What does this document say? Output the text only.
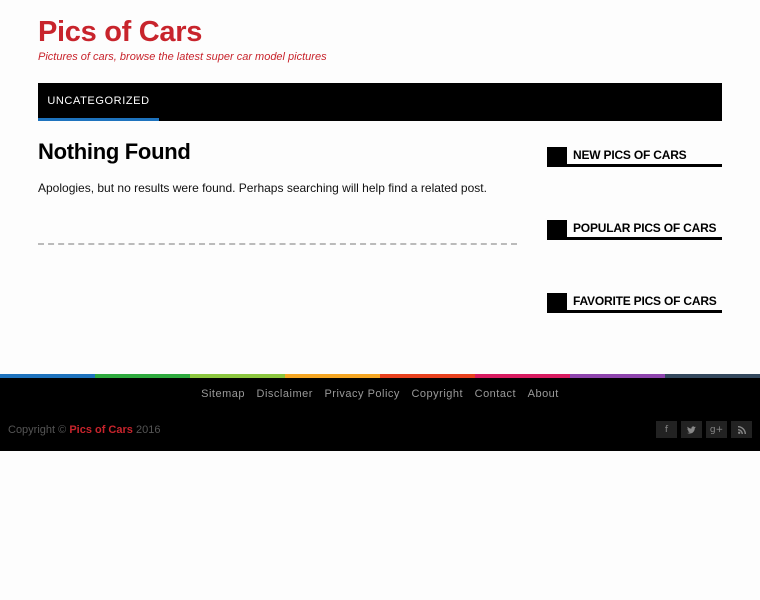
Pics of Cars
Pictures of cars, browse the latest super car model pictures
UNCATEGORIZED
Nothing Found

Apologies, but no results were found. Perhaps searching will help find a related post.

NEW PICS OF CARS
POPULAR PICS OF CARS
FAVORITE PICS OF CARS
Sitemap Disclaimer Privacy Policy Copyright Contact About
Copyright © Pics of Cars 2016	f	g+
